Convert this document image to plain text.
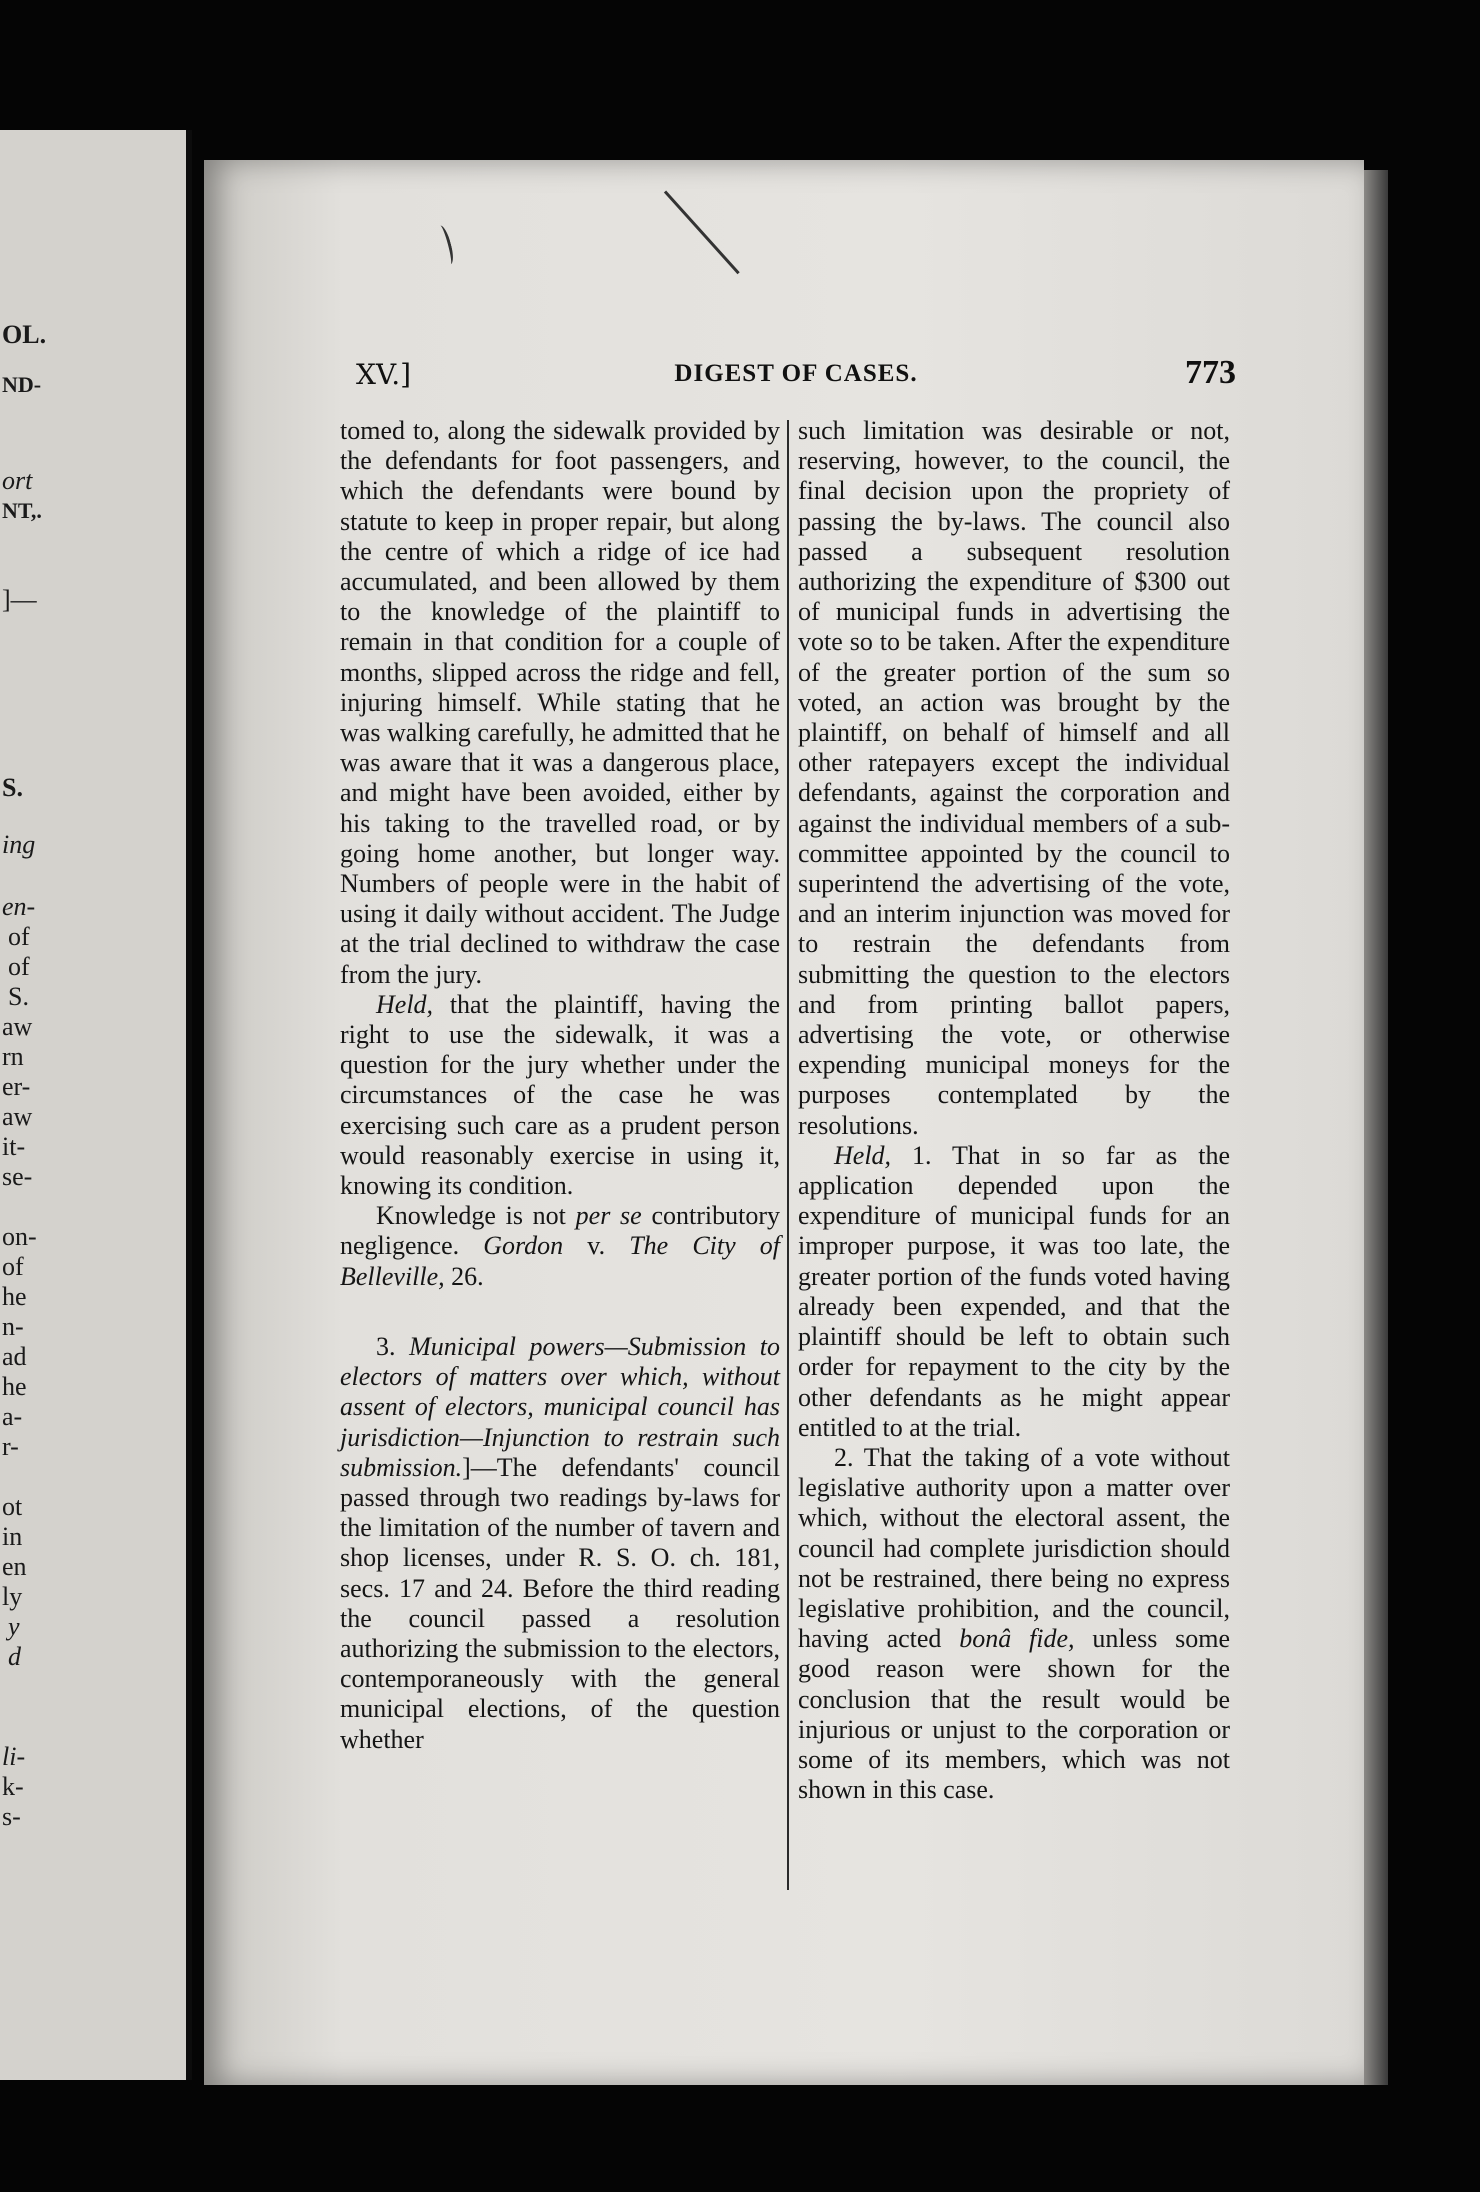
OL.
ND-
ort
NT,.
]—
S.
ing
en-
of
of
S.
aw
rn
er-
aw
it-
se-
on-
of
he
n-
ad
he
a-
r-
ot
in
en
ly
y
d
li-
k-
s-
XV.]	DIGEST OF CASES.	773

tomed to, along the sidewalk provided by the defendants for foot passengers, and which the defendants were bound by statute to keep in proper repair, but along the centre of which a ridge of ice had accumulated, and been allowed by them to the knowledge of the plaintiff to remain in that condition for a couple of months, slipped across the ridge and fell, injuring himself. While stating that he was walking carefully, he admitted that he was aware that it was a dangerous place, and might have been avoided, either by his taking to the travelled road, or by going home another, but longer way. Numbers of people were in the habit of using it daily without accident. The Judge at the trial declined to withdraw the case from the jury.

Held, that the plaintiff, having the right to use the sidewalk, it was a question for the jury whether under the circumstances of the case he was exercising such care as a prudent person would reasonably exercise in using it, knowing its condition.

Knowledge is not per se contributory negligence. Gordon v. The City of Belleville, 26.

3. Municipal powers—Submission to electors of matters over which, without assent of electors, municipal council has jurisdiction—Injunction to restrain such submission.]—The defendants' council passed through two readings by-laws for the limitation of the number of tavern and shop licenses, under R. S. O. ch. 181, secs. 17 and 24. Before the third reading the council passed a resolution authorizing the submission to the electors, contemporaneously with the general municipal elections, of the question whether

such limitation was desirable or not, reserving, however, to the council, the final decision upon the propriety of passing the by-laws. The council also passed a subsequent resolution authorizing the expenditure of $300 out of municipal funds in advertising the vote so to be taken. After the expenditure of the greater portion of the sum so voted, an action was brought by the plaintiff, on behalf of himself and all other ratepayers except the individual defendants, against the corporation and against the individual members of a sub-committee appointed by the council to superintend the advertising of the vote, and an interim injunction was moved for to restrain the defendants from submitting the question to the electors and from printing ballot papers, advertising the vote, or otherwise expending municipal moneys for the purposes contemplated by the resolutions.

Held, 1. That in so far as the application depended upon the expenditure of municipal funds for an improper purpose, it was too late, the greater portion of the funds voted having already been expended, and that the plaintiff should be left to obtain such order for repayment to the city by the other defendants as he might appear entitled to at the trial.

2. That the taking of a vote without legislative authority upon a matter over which, without the electoral assent, the council had complete jurisdiction should not be restrained, there being no express legislative prohibition, and the council, having acted bonâ fide, unless some good reason were shown for the conclusion that the result would be injurious or unjust to the corporation or some of its members, which was not shown in this case.
